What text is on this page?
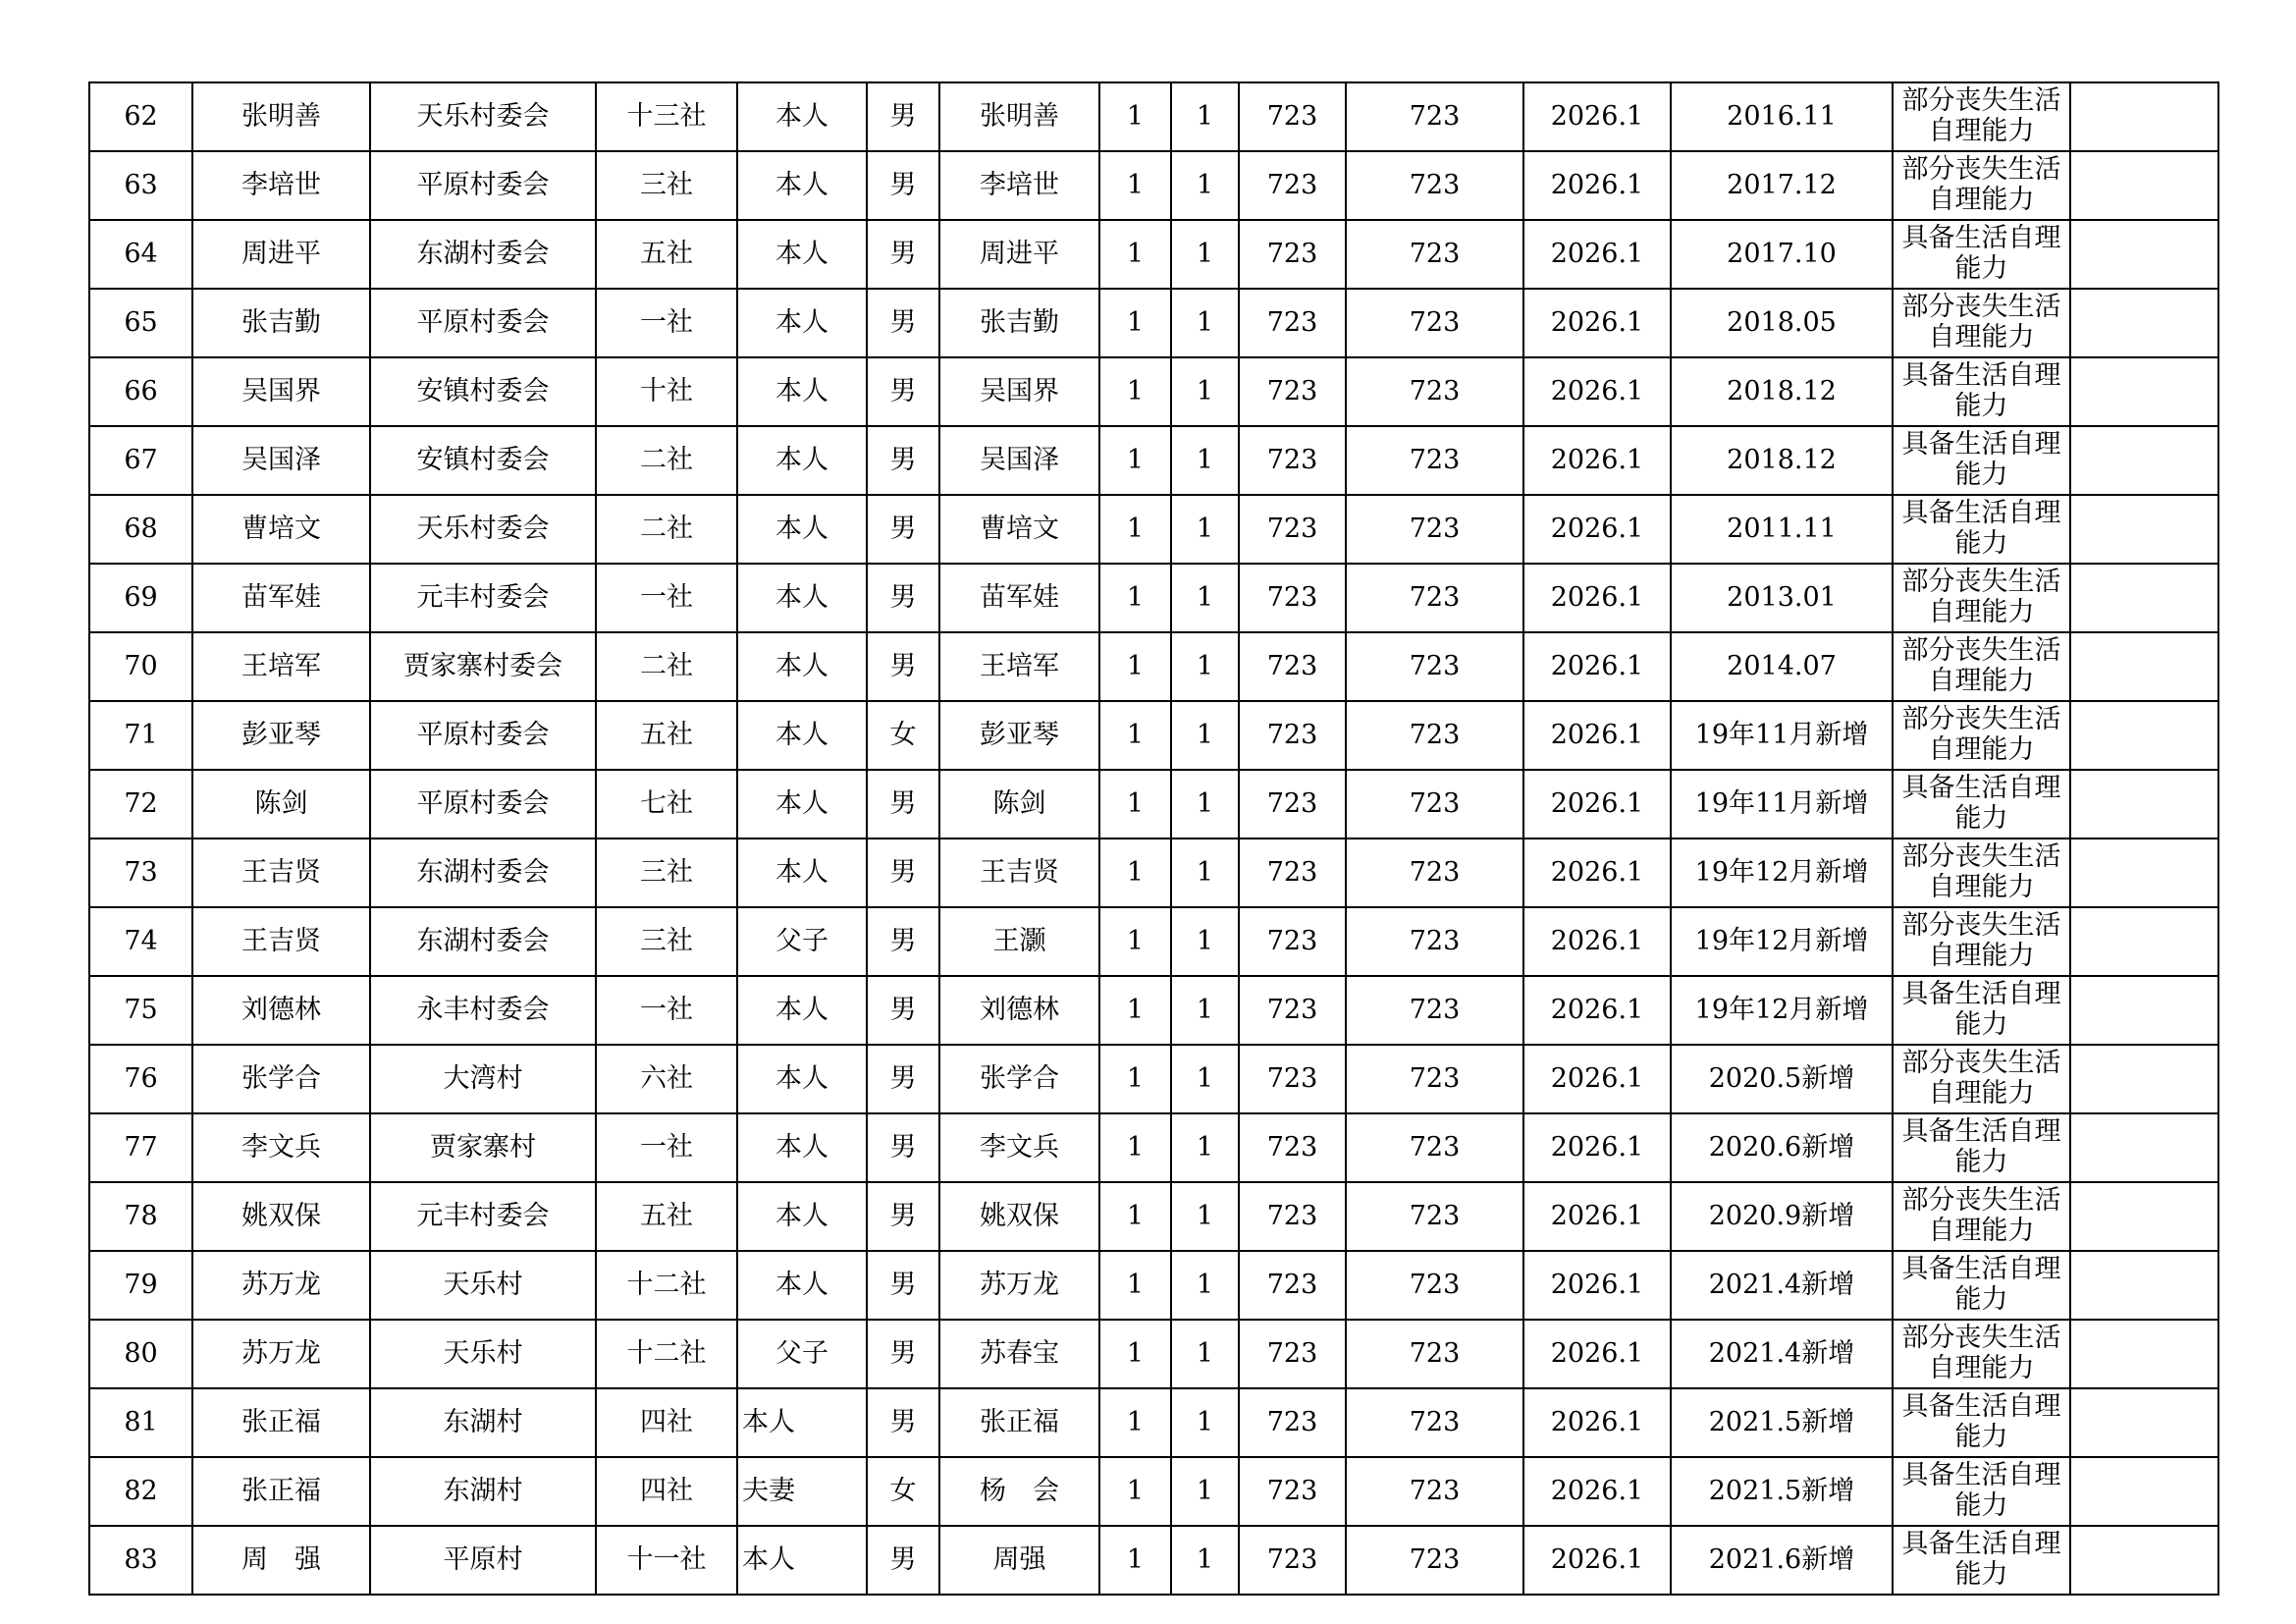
62	张明善	天乐村委会	十三社	本人	男	张明善	1	1	723	723	2026.1	2016.11	部分丧失生活自理能力	

63	李培世	平原村委会	三社	本人	男	李培世	1	1	723	723	2026.1	2017.12	部分丧失生活自理能力	

64	周进平	东湖村委会	五社	本人	男	周进平	1	1	723	723	2026.1	2017.10	具备生活自理能力	

65	张吉勤	平原村委会	一社	本人	男	张吉勤	1	1	723	723	2026.1	2018.05	部分丧失生活自理能力	

66	吴国界	安镇村委会	十社	本人	男	吴国界	1	1	723	723	2026.1	2018.12	具备生活自理能力	

67	吴国泽	安镇村委会	二社	本人	男	吴国泽	1	1	723	723	2026.1	2018.12	具备生活自理能力	

68	曹培文	天乐村委会	二社	本人	男	曹培文	1	1	723	723	2026.1	2011.11	具备生活自理能力	

69	苗军娃	元丰村委会	一社	本人	男	苗军娃	1	1	723	723	2026.1	2013.01	部分丧失生活自理能力	

70	王培军	贾家寨村委会	二社	本人	男	王培军	1	1	723	723	2026.1	2014.07	部分丧失生活自理能力	

71	彭亚琴	平原村委会	五社	本人	女	彭亚琴	1	1	723	723	2026.1	19年11月新增	部分丧失生活自理能力	

72	陈剑	平原村委会	七社	本人	男	陈剑	1	1	723	723	2026.1	19年11月新增	具备生活自理能力	

73	王吉贤	东湖村委会	三社	本人	男	王吉贤	1	1	723	723	2026.1	19年12月新增	部分丧失生活自理能力	

74	王吉贤	东湖村委会	三社	父子	男	王灏	1	1	723	723	2026.1	19年12月新增	部分丧失生活自理能力	

75	刘德林	永丰村委会	一社	本人	男	刘德林	1	1	723	723	2026.1	19年12月新增	具备生活自理能力	

76	张学合	大湾村	六社	本人	男	张学合	1	1	723	723	2026.1	2020.5新增	部分丧失生活自理能力	

77	李文兵	贾家寨村	一社	本人	男	李文兵	1	1	723	723	2026.1	2020.6新增	具备生活自理能力	

78	姚双保	元丰村委会	五社	本人	男	姚双保	1	1	723	723	2026.1	2020.9新增	部分丧失生活自理能力	

79	苏万龙	天乐村	十二社	本人	男	苏万龙	1	1	723	723	2026.1	2021.4新增	具备生活自理能力	

80	苏万龙	天乐村	十二社	父子	男	苏春宝	1	1	723	723	2026.1	2021.4新增	部分丧失生活自理能力	

81	张正福	东湖村	四社	本人	男	张正福	1	1	723	723	2026.1	2021.5新增	具备生活自理能力	

82	张正福	东湖村	四社	夫妻	女	杨　会	1	1	723	723	2026.1	2021.5新增	具备生活自理能力	

83	周　强	平原村	十一社	本人	男	周强	1	1	723	723	2026.1	2021.6新增	具备生活自理能力	
